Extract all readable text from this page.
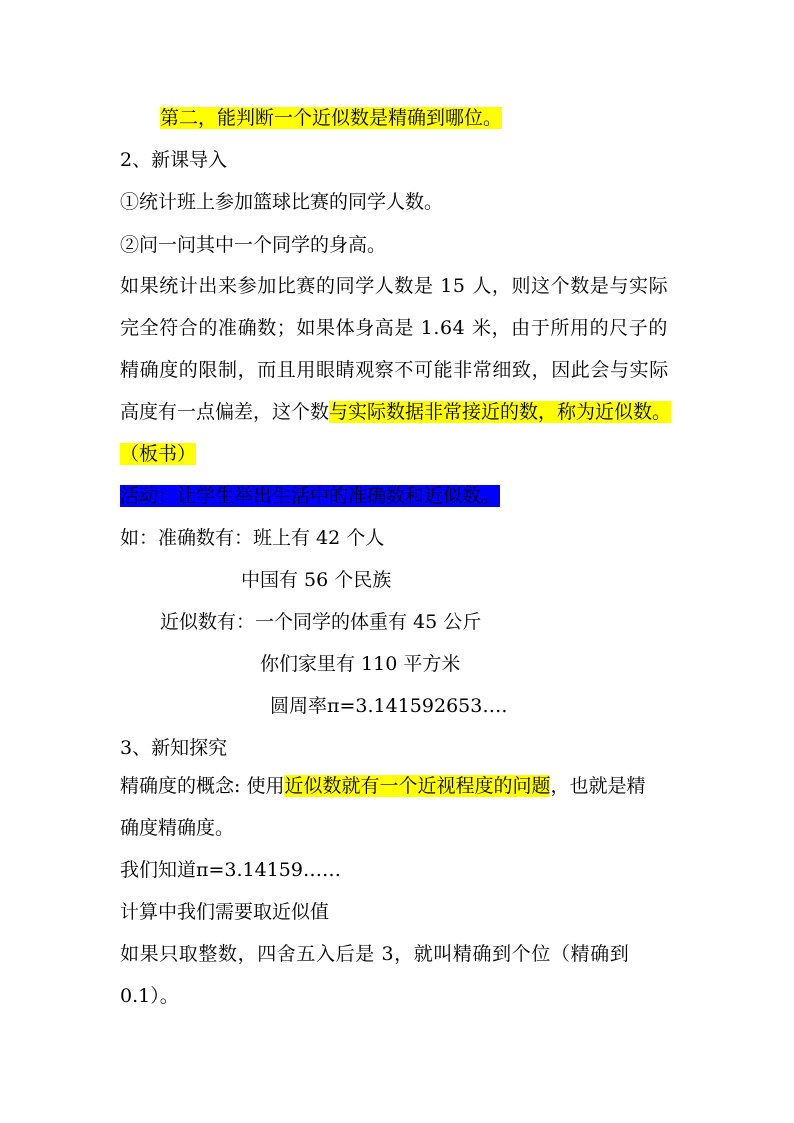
第二，能判断一个近似数是精确到哪位。
2、新课导入
①统计班上参加篮球比赛的同学人数。
②问一问其中一个同学的身高。
如果统计出来参加比赛的同学人数是 15 人，则这个数是与实际
完全符合的准确数；如果体身高是 1.64 米，由于所用的尺子的
精确度的限制，而且用眼睛观察不可能非常细致，因此会与实际
高度有一点偏差，这个数与实际数据非常接近的数，称为近似数。
（板书）
活动：让学生举出生活中的准确数和近似数。
如：准确数有：班上有 42 个人
中国有 56 个民族
近似数有：一个同学的体重有 45 公斤
你们家里有 110 平方米
圆周率π=3.141592653….
3、新知探究
精确度的概念: 使用近似数就有一个近视程度的问题，也就是精
确度精确度。
我们知道π=3.14159……
计算中我们需要取近似值
如果只取整数，四舍五入后是 3，就叫精确到个位（精确到
0.1）。
